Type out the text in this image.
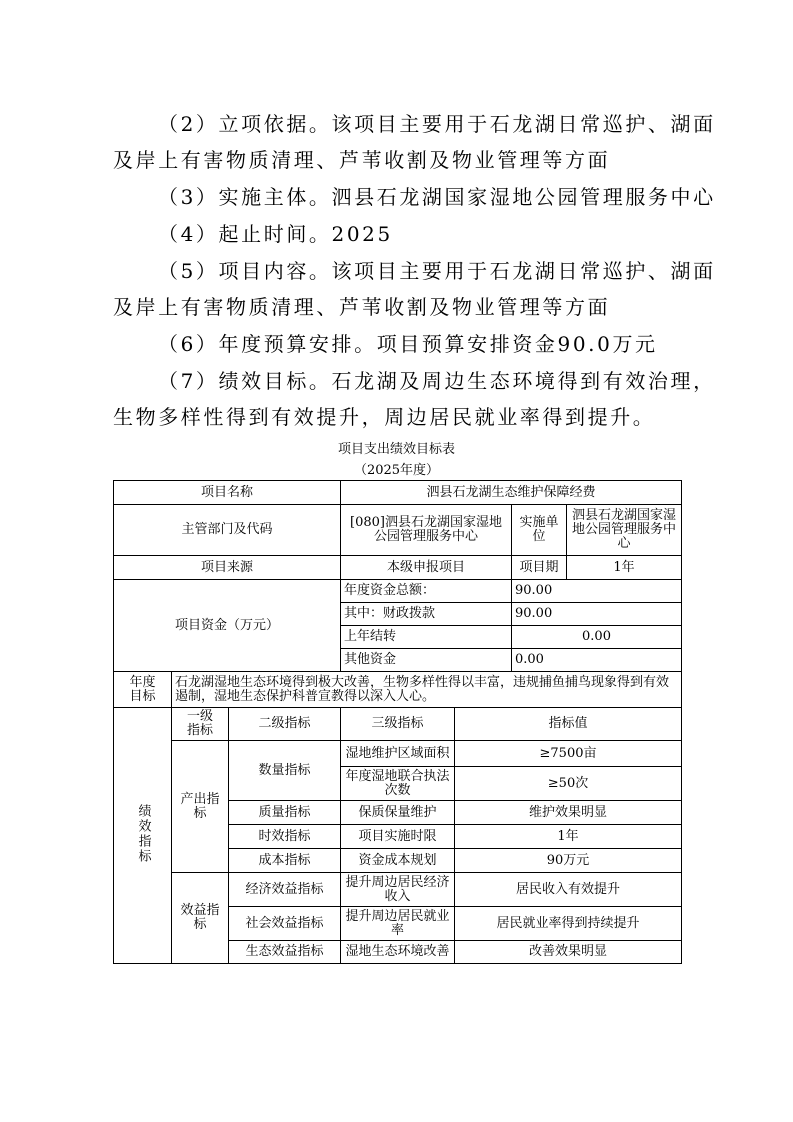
（2）立项依据。该项目主要用于石龙湖日常巡护、湖面

及岸上有害物质清理、芦苇收割及物业管理等方面

（3）实施主体。泗县石龙湖国家湿地公园管理服务中心

（4）起止时间。2025

（5）项目内容。该项目主要用于石龙湖日常巡护、湖面

及岸上有害物质清理、芦苇收割及物业管理等方面

（6）年度预算安排。项目预算安排资金90.0万元

（7）绩效目标。石龙湖及周边生态环境得到有效治理，

生物多样性得到有效提升，周边居民就业率得到提升。

项目支出绩效目标表

（2025年度）

项目名称			泗县石龙湖生态维护保障经费			
主管部门及代码			[080]泗县石龙湖国家湿地公园管理服务中心		实施单位	泗县石龙湖国家湿地公园管理服务中心
项目来源			本级申报项目		项目期	1年
项目资金（万元）			年度资金总额：		90.00	
			其中：财政拨款		90.00	
			上年结转		0.00	
			其他资金		0.00	
年度目标	石龙湖湿地生态环境得到极大改善，生物多样性得以丰富，违规捕鱼捕鸟现象得到有效遏制，湿地生态保护科普宣教得以深入人心。					
绩效指标	一级指标	二级指标	三级指标	指标值		
	产出指标	数量指标	湿地维护区域面积	≥7500亩		
			年度湿地联合执法次数	≥50次		
		质量指标	保质保量维护	维护效果明显		
		时效指标	项目实施时限	1年		
		成本指标	资金成本规划	90万元		
	效益指标	经济效益指标	提升周边居民经济收入	居民收入有效提升		
		社会效益指标	提升周边居民就业率	居民就业率得到持续提升		
		生态效益指标	湿地生态环境改善	改善效果明显		
